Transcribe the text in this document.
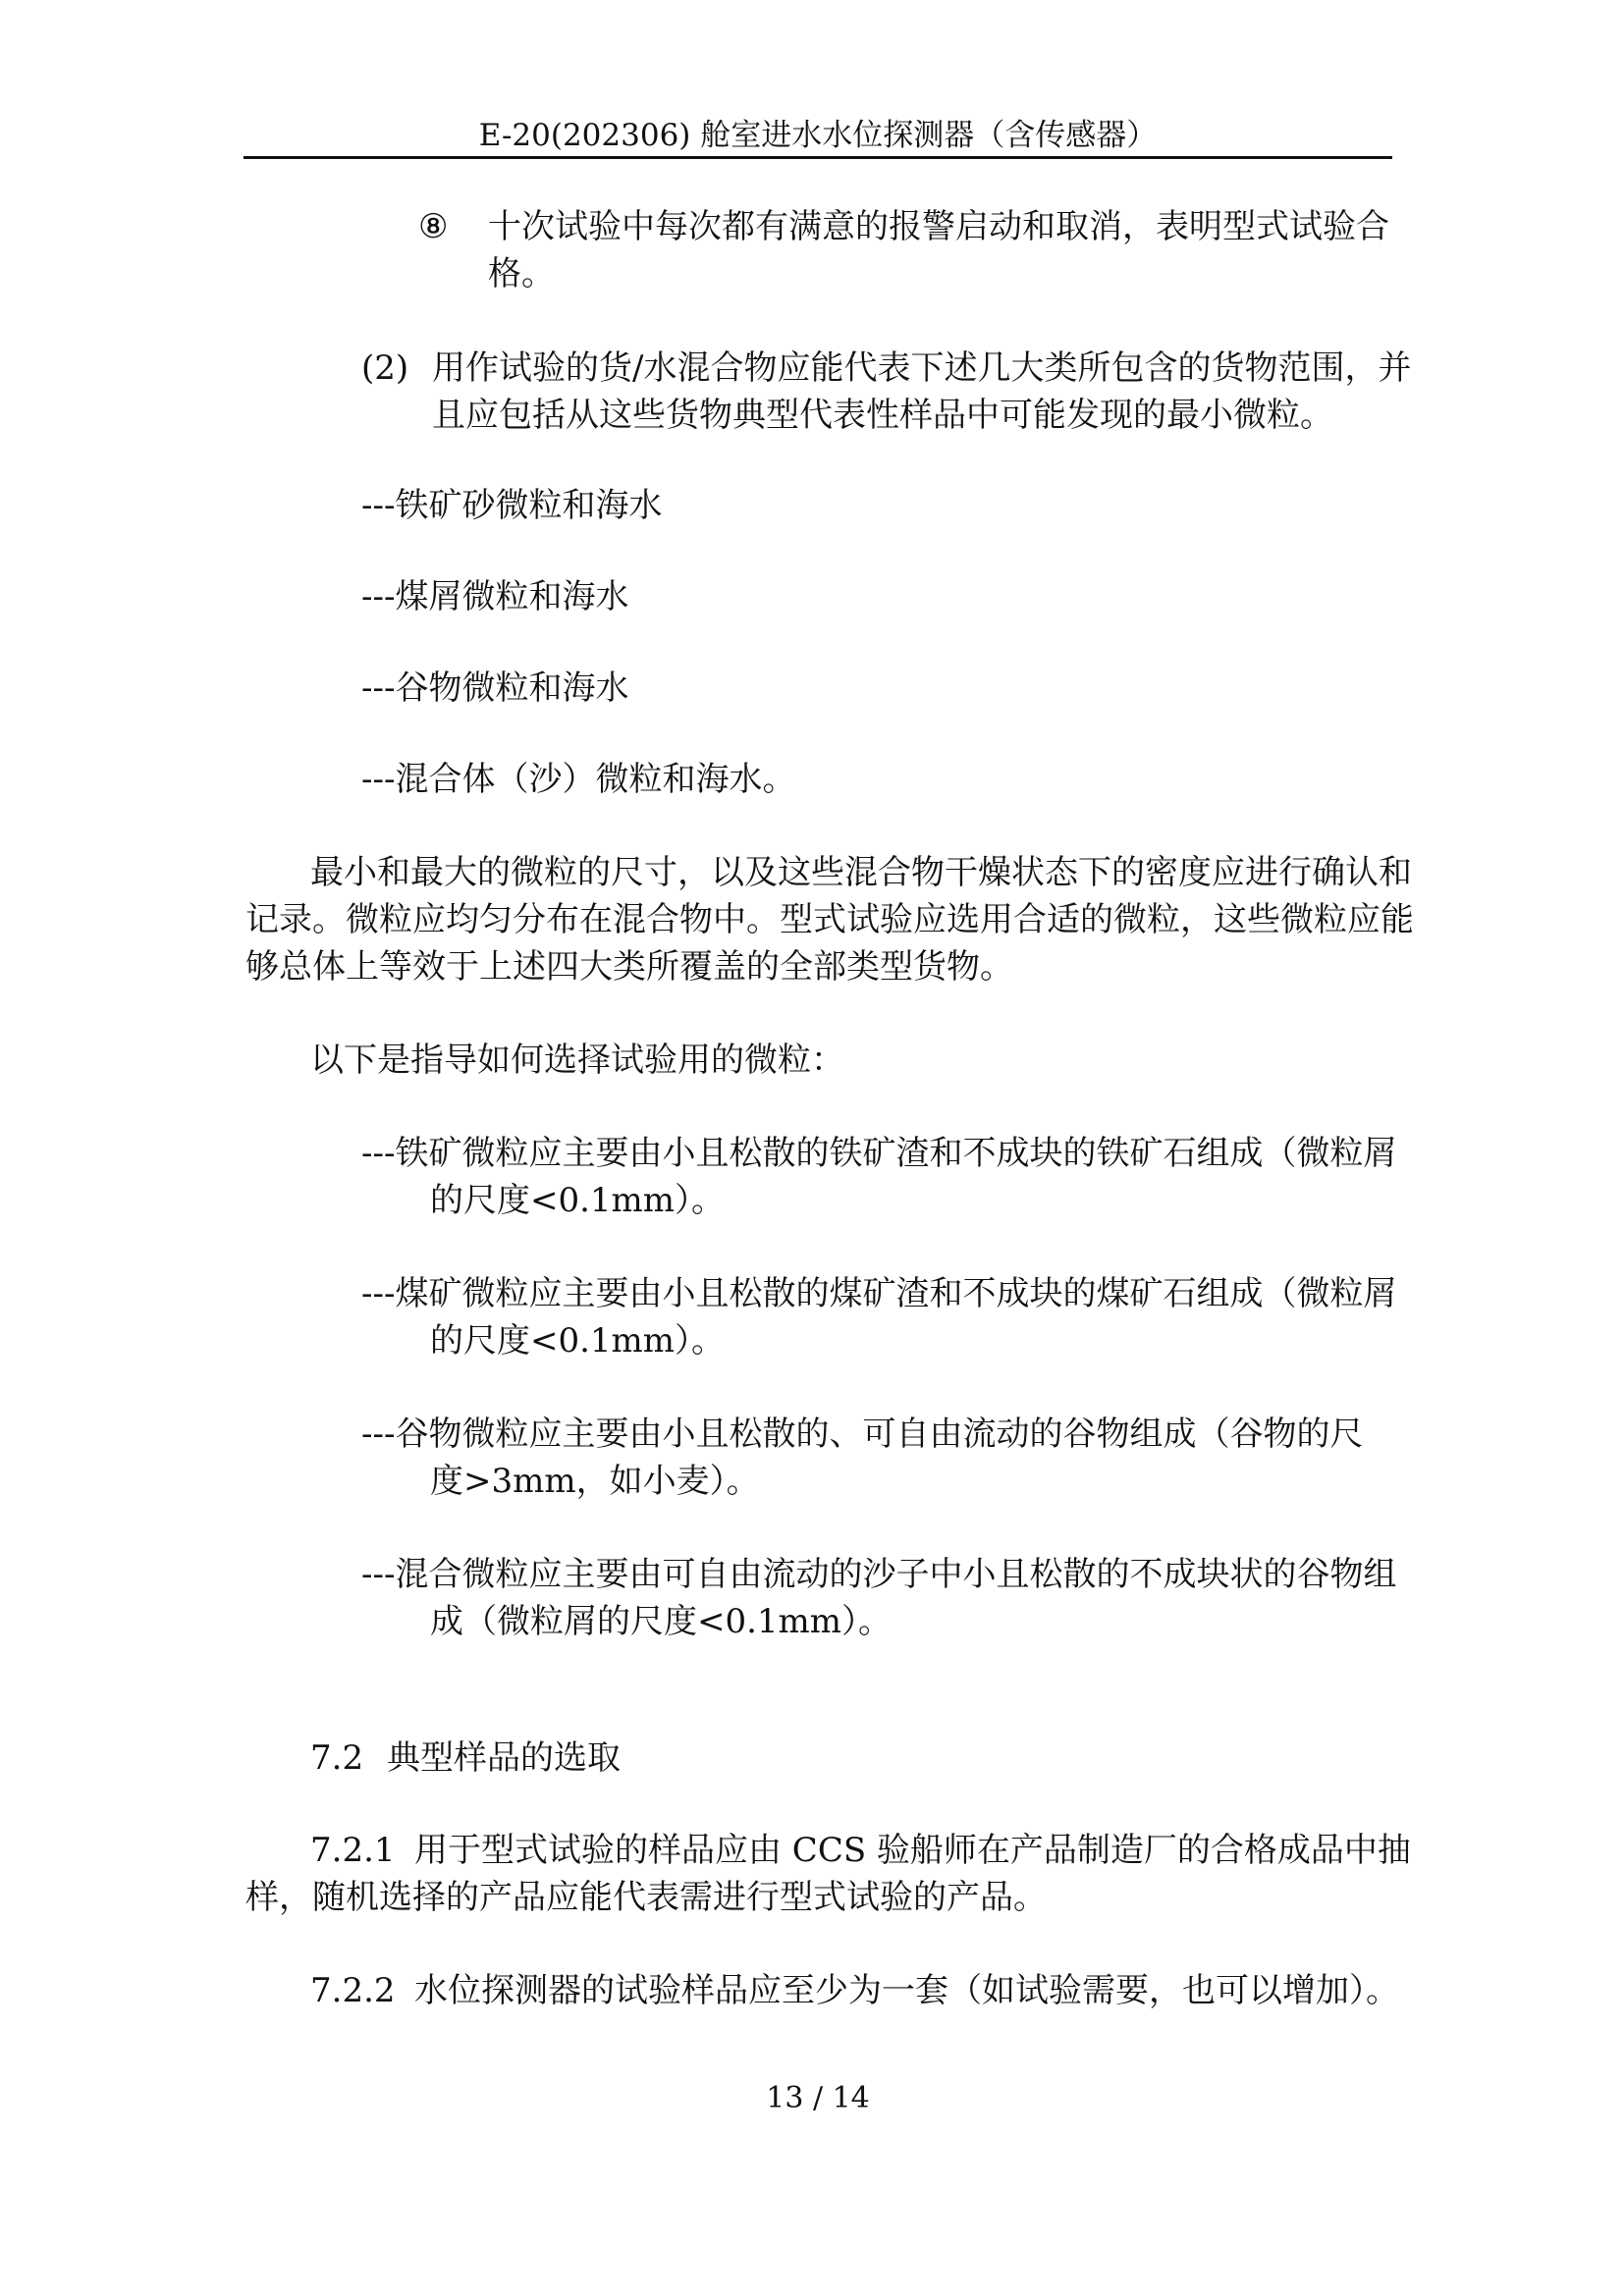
E-20(202306) 舱室进水水位探测器（含传感器）
⑧ 十次试验中每次都有满意的报警启动和取消，表明型式试验合
格。
(2) 用作试验的货/水混合物应能代表下述几大类所包含的货物范围，并
且应包括从这些货物典型代表性样品中可能发现的最小微粒。
---铁矿砂微粒和海水
---煤屑微粒和海水
---谷物微粒和海水
---混合体（沙）微粒和海水。
最小和最大的微粒的尺寸，以及这些混合物干燥状态下的密度应进行确认和
记录。微粒应均匀分布在混合物中。型式试验应选用合适的微粒，这些微粒应能
够总体上等效于上述四大类所覆盖的全部类型货物。
以下是指导如何选择试验用的微粒：
---铁矿微粒应主要由小且松散的铁矿渣和不成块的铁矿石组成（微粒屑
的尺度<0.1mm）。
---煤矿微粒应主要由小且松散的煤矿渣和不成块的煤矿石组成（微粒屑
的尺度<0.1mm）。
---谷物微粒应主要由小且松散的、可自由流动的谷物组成（谷物的尺
度>3mm，如小麦）。
---混合微粒应主要由可自由流动的沙子中小且松散的不成块状的谷物组
成（微粒屑的尺度<0.1mm）。
7.2 典型样品的选取
7.2.1 用于型式试验的样品应由 CCS 验船师在产品制造厂的合格成品中抽
样，随机选择的产品应能代表需进行型式试验的产品。
7.2.2 水位探测器的试验样品应至少为一套（如试验需要，也可以增加）。
13 / 14
